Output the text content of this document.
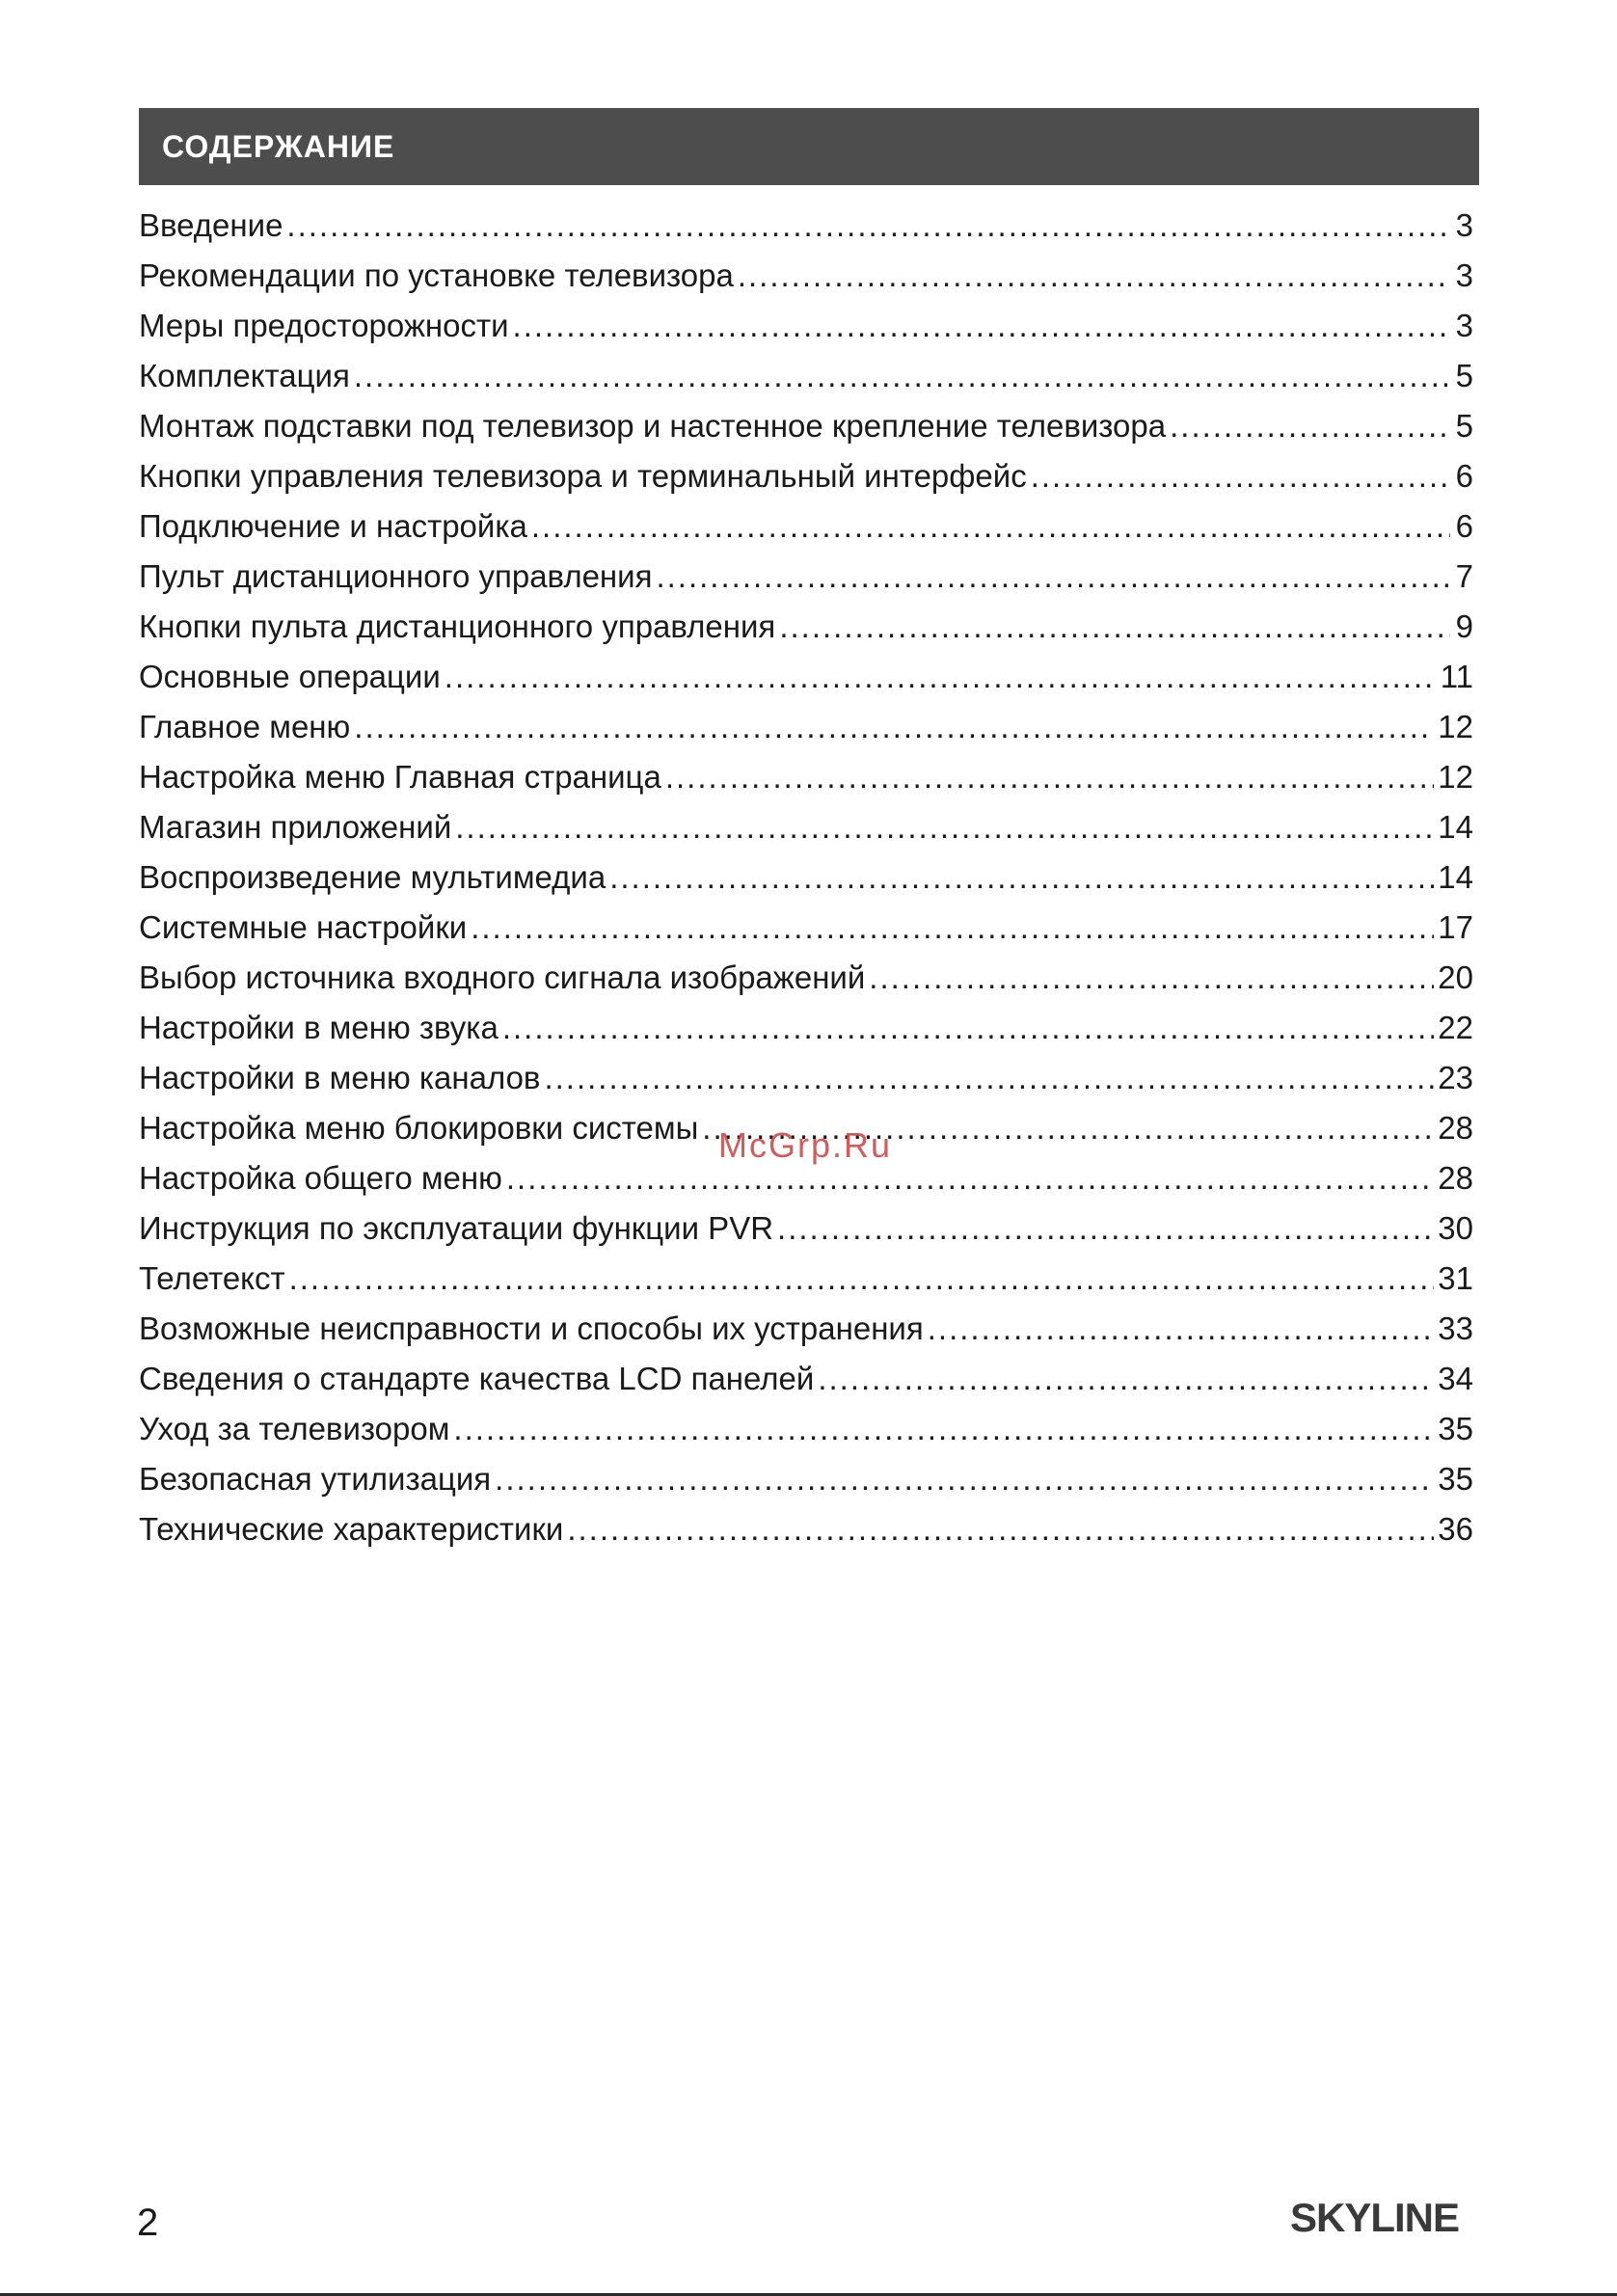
СОДЕРЖАНИЕ
Введение .....	3
Рекомендации по установке телевизора .....	3
Меры предосторожности .....	3
Комплектация .....	5
Монтаж подставки под телевизор и настенное крепление телевизора .....	5
Кнопки управления телевизора и терминальный интерфейс .....	6
Подключение и настройка .....	6
Пульт дистанционного управления .....	7
Кнопки пульта дистанционного управления .....	9
Основные операции .....	11
Главное меню .....	12
Настройка меню Главная страница .....	12
Магазин приложений .....	14
Воспроизведение мультимедиа .....	14
Системные настройки .....	17
Выбор источника входного сигнала изображений .....	20
Настройки в меню звука .....	22
Настройки в меню каналов .....	23
Настройка меню блокировки системы .....	28
Настройка общего меню .....	28
Инструкция по эксплуатации функции PVR .....	30
Телетекст .....	31
Возможные неисправности и способы их устранения .....	33
Сведения о стандарте качества LCD панелей .....	34
Уход за телевизором .....	35
Безопасная утилизация .....	35
Технические характеристики .....	36
McGrp.Ru
2	SKYLINE
